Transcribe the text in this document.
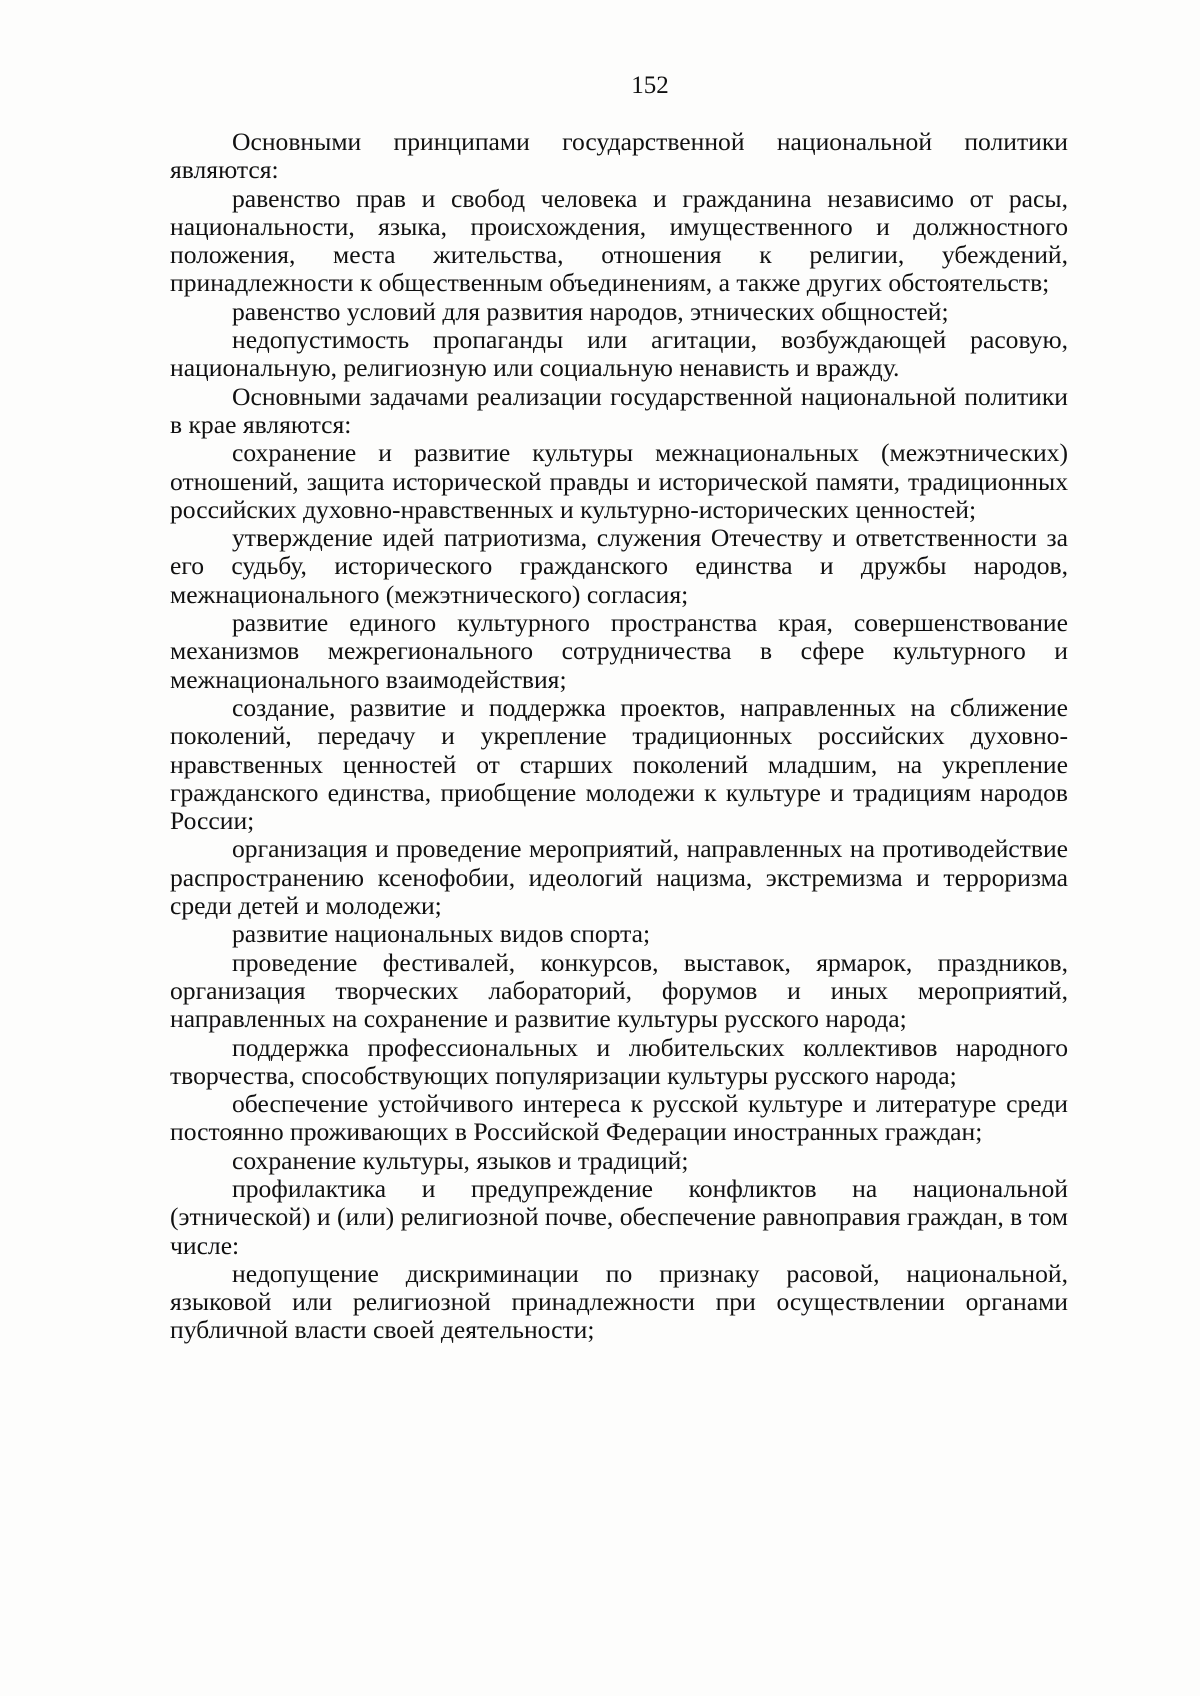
152

Основными принципами государственной национальной политики являются:

равенство прав и свобод человека и гражданина независимо от расы, национальности, языка, происхождения, имущественного и должностного положения, места жительства, отношения к религии, убеждений, принадлежности к общественным объединениям, а также других обстоятельств;

равенство условий для развития народов, этнических общностей;

недопустимость пропаганды или агитации, возбуждающей расовую, национальную, религиозную или социальную ненависть и вражду.

Основными задачами реализации государственной национальной политики в крае являются:

сохранение и развитие культуры межнациональных (межэтнических) отношений, защита исторической правды и исторической памяти, традиционных российских духовно-нравственных и культурно-исторических ценностей;

утверждение идей патриотизма, служения Отечеству и ответственности за его судьбу, исторического гражданского единства и дружбы народов, межнационального (межэтнического) согласия;

развитие единого культурного пространства края, совершенствование механизмов межрегионального сотрудничества в сфере культурного и межнационального взаимодействия;

создание, развитие и поддержка проектов, направленных на сближение поколений, передачу и укрепление традиционных российских духовно-нравственных ценностей от старших поколений младшим, на укрепление гражданского единства, приобщение молодежи к культуре и традициям народов России;

организация и проведение мероприятий, направленных на противодействие распространению ксенофобии, идеологий нацизма, экстремизма и терроризма среди детей и молодежи;

развитие национальных видов спорта;

проведение фестивалей, конкурсов, выставок, ярмарок, праздников, организация творческих лабораторий, форумов и иных мероприятий, направленных на сохранение и развитие культуры русского народа;

поддержка профессиональных и любительских коллективов народного творчества, способствующих популяризации культуры русского народа;

обеспечение устойчивого интереса к русской культуре и литературе среди постоянно проживающих в Российской Федерации иностранных граждан;

сохранение культуры, языков и традиций;

профилактика и предупреждение конфликтов на национальной (этнической) и (или) религиозной почве, обеспечение равноправия граждан, в том числе:

недопущение дискриминации по признаку расовой, национальной, языковой или религиозной принадлежности при осуществлении органами публичной власти своей деятельности;
